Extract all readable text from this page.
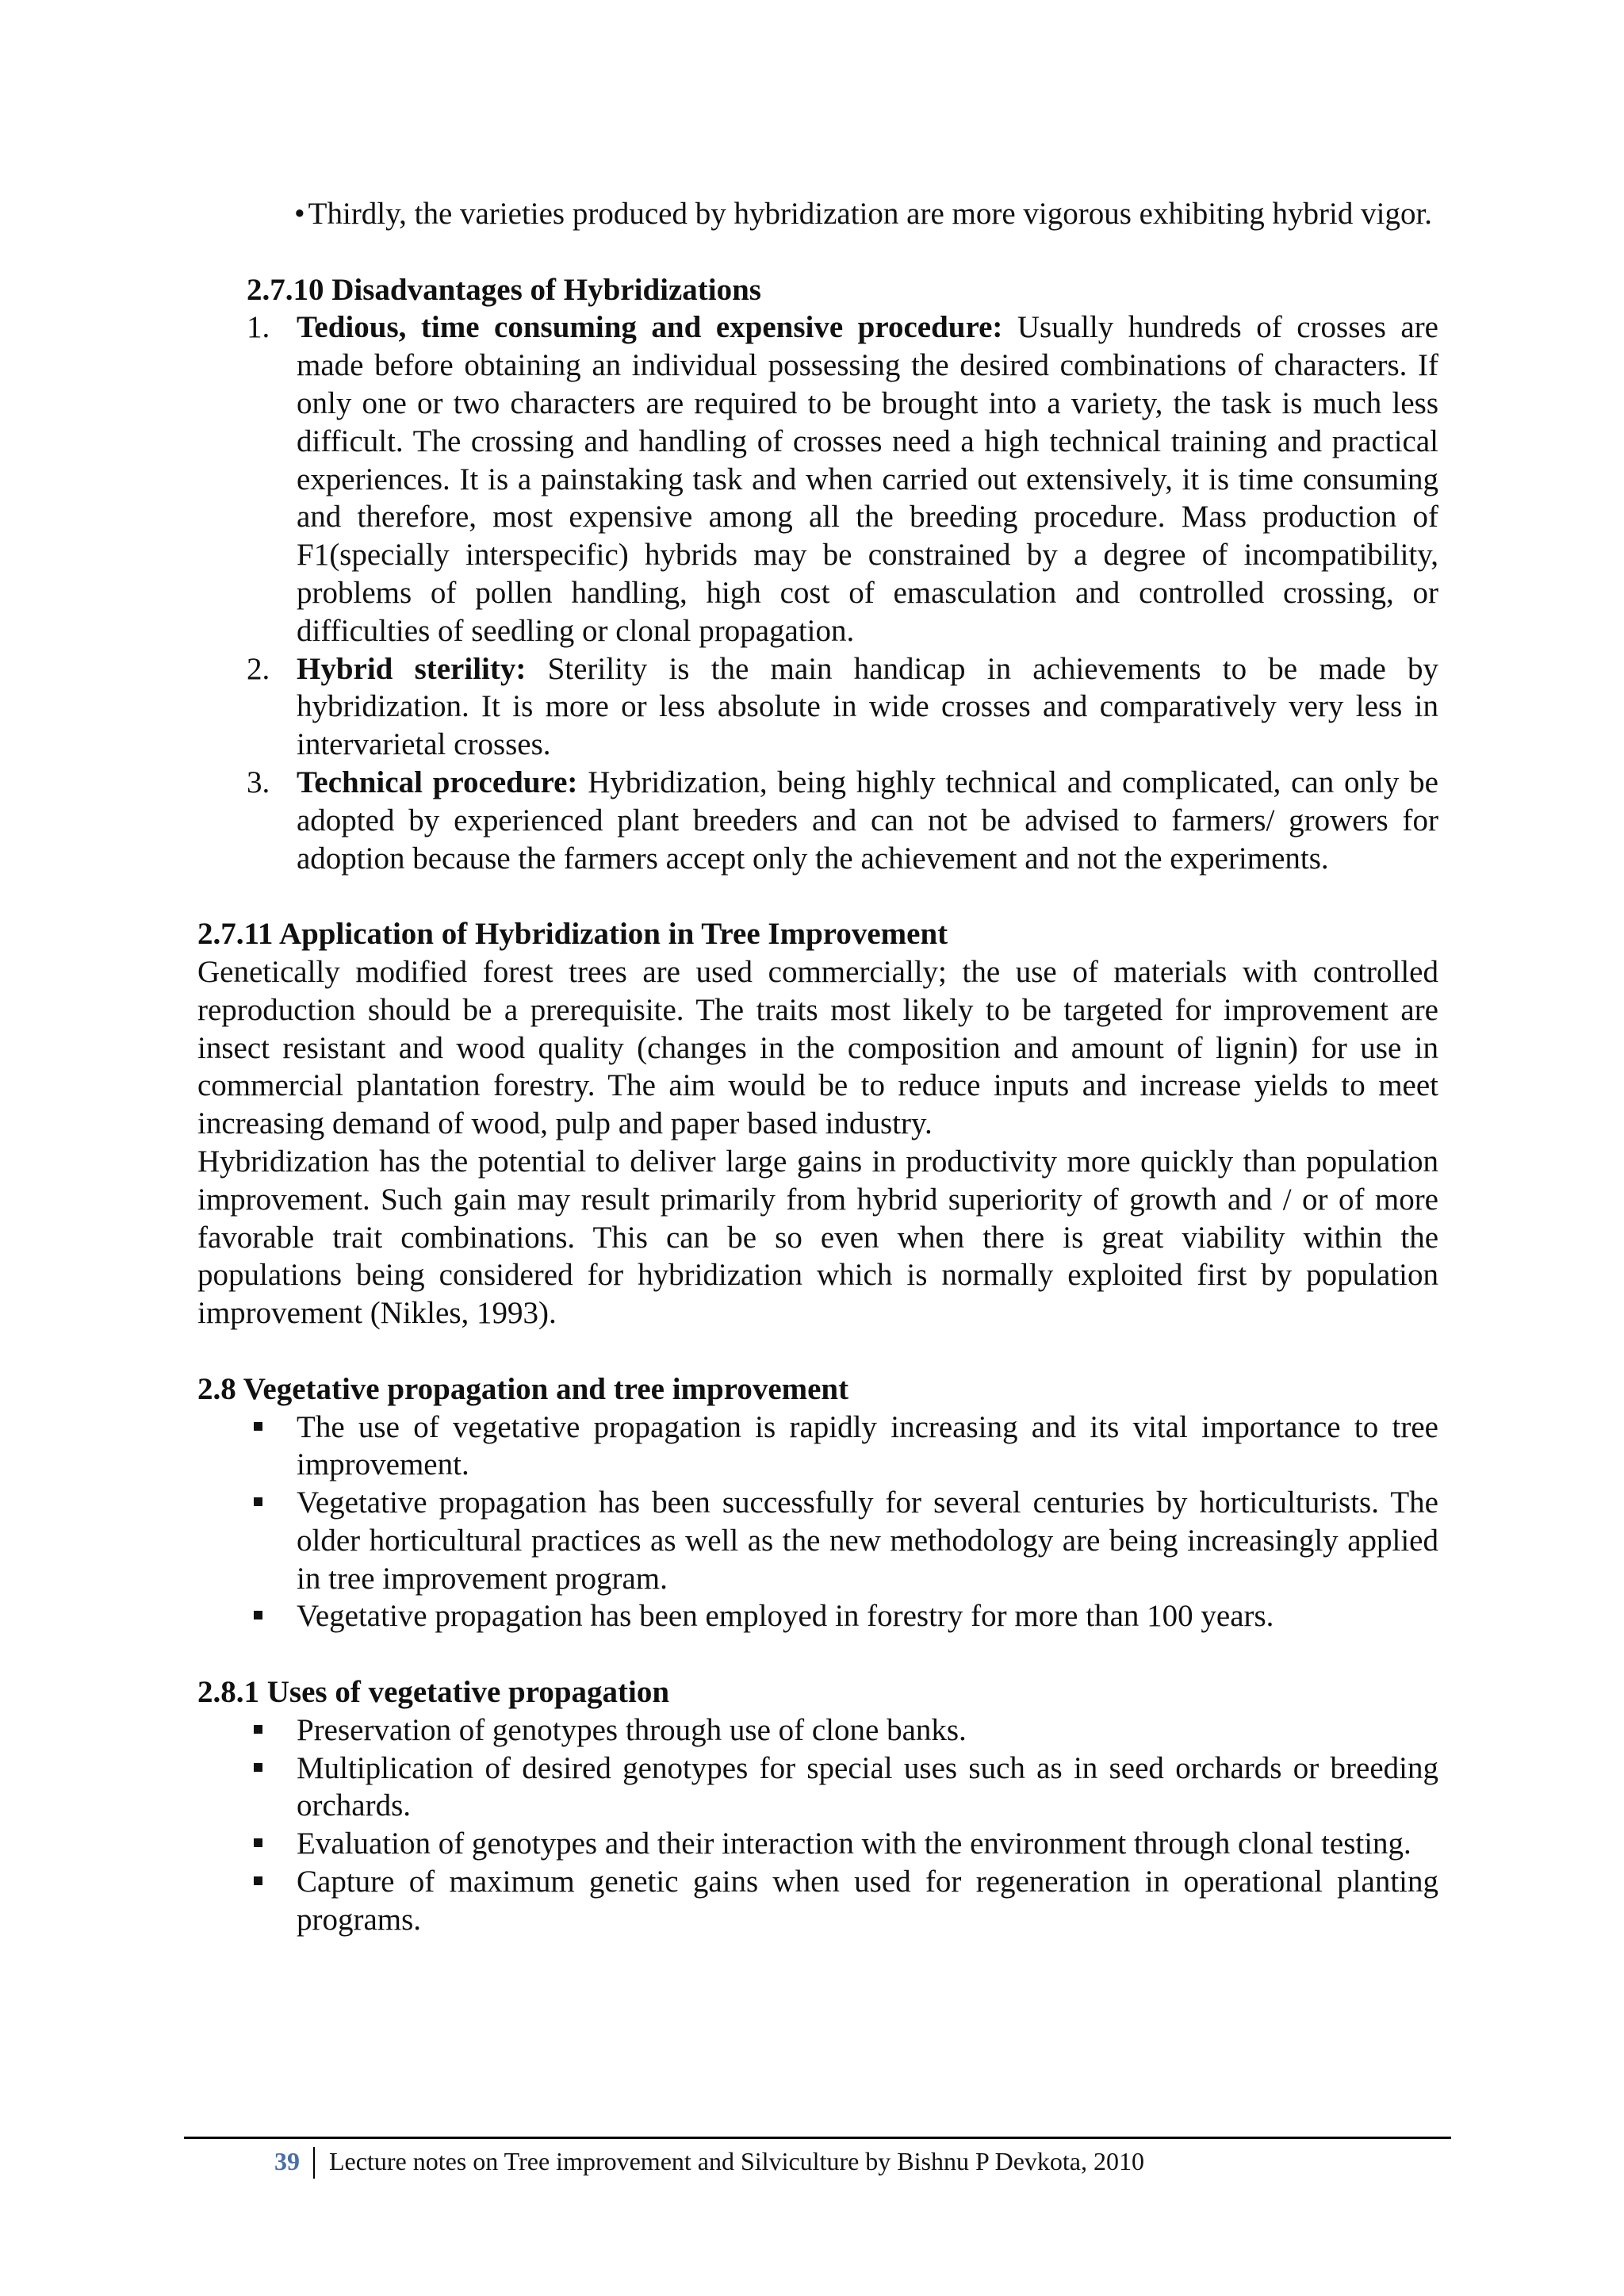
• Thirdly, the varieties produced by hybridization are more vigorous exhibiting hybrid vigor.

2.7.10 Disadvantages of Hybridizations
1. Tedious, time consuming and expensive procedure: Usually hundreds of crosses are made before obtaining an individual possessing the desired combinations of characters. If only one or two characters are required to be brought into a variety, the task is much less difficult. The crossing and handling of crosses need a high technical training and practical experiences. It is a painstaking task and when carried out extensively, it is time consuming and therefore, most expensive among all the breeding procedure. Mass production of F1(specially interspecific) hybrids may be constrained by a degree of incompatibility, problems of pollen handling, high cost of emasculation and controlled crossing, or difficulties of seedling or clonal propagation.
2. Hybrid sterility: Sterility is the main handicap in achievements to be made by hybridization. It is more or less absolute in wide crosses and comparatively very less in intervarietal crosses.
3. Technical procedure: Hybridization, being highly technical and complicated, can only be adopted by experienced plant breeders and can not be advised to farmers/ growers for adoption because the farmers accept only the achievement and not the experiments.
2.7.11 Application of Hybridization in Tree Improvement

Genetically modified forest trees are used commercially; the use of materials with controlled reproduction should be a prerequisite. The traits most likely to be targeted for improvement are insect resistant and wood quality (changes in the composition and amount of lignin) for use in commercial plantation forestry. The aim would be to reduce inputs and increase yields to meet increasing demand of wood, pulp and paper based industry.

Hybridization has the potential to deliver large gains in productivity more quickly than population improvement. Such gain may result primarily from hybrid superiority of growth and / or of more favorable trait combinations. This can be so even when there is great viability within the populations being considered for hybridization which is normally exploited first by population improvement (Nikles, 1993).

2.8 Vegetative propagation and tree improvement
The use of vegetative propagation is rapidly increasing and its vital importance to tree improvement.
Vegetative propagation has been successfully for several centuries by horticulturists. The older horticultural practices as well as the new methodology are being increasingly applied in tree improvement program.
Vegetative propagation has been employed in forestry for more than 100 years.
2.8.1 Uses of vegetative propagation
Preservation of genotypes through use of clone banks.
Multiplication of desired genotypes for special uses such as in seed orchards or breeding orchards.
Evaluation of genotypes and their interaction with the environment through clonal testing.
Capture of maximum genetic gains when used for regeneration in operational planting programs.
39 Lecture notes on Tree improvement and Silviculture by Bishnu P Devkota, 2010
